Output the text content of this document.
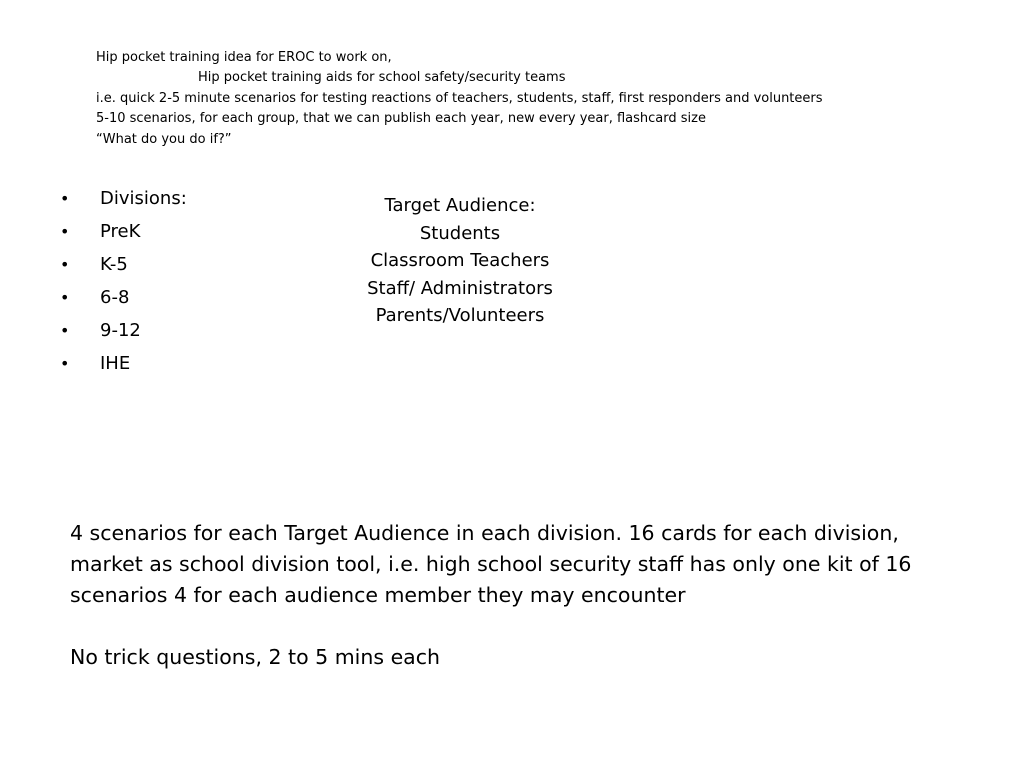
Hip pocket training idea for EROC to work on,
Hip pocket training aids for school safety/security teams
i.e. quick 2-5 minute scenarios for testing reactions of teachers, students, staff, first responders and volunteers
5-10 scenarios, for each group, that we can publish each year, new every year, flashcard size
“What do you do if?”
•	Divisions:
•	PreK
•	K-5
•	6-8
•	9-12
•	IHE
Target Audience:
Students
Classroom Teachers
Staff/ Administrators
Parents/Volunteers
4 scenarios for each Target Audience in each division. 16 cards for each division,
market as school division tool, i.e. high school security staff has only one kit of 16
scenarios 4 for each audience member they may encounter
No trick questions, 2 to 5 mins each
